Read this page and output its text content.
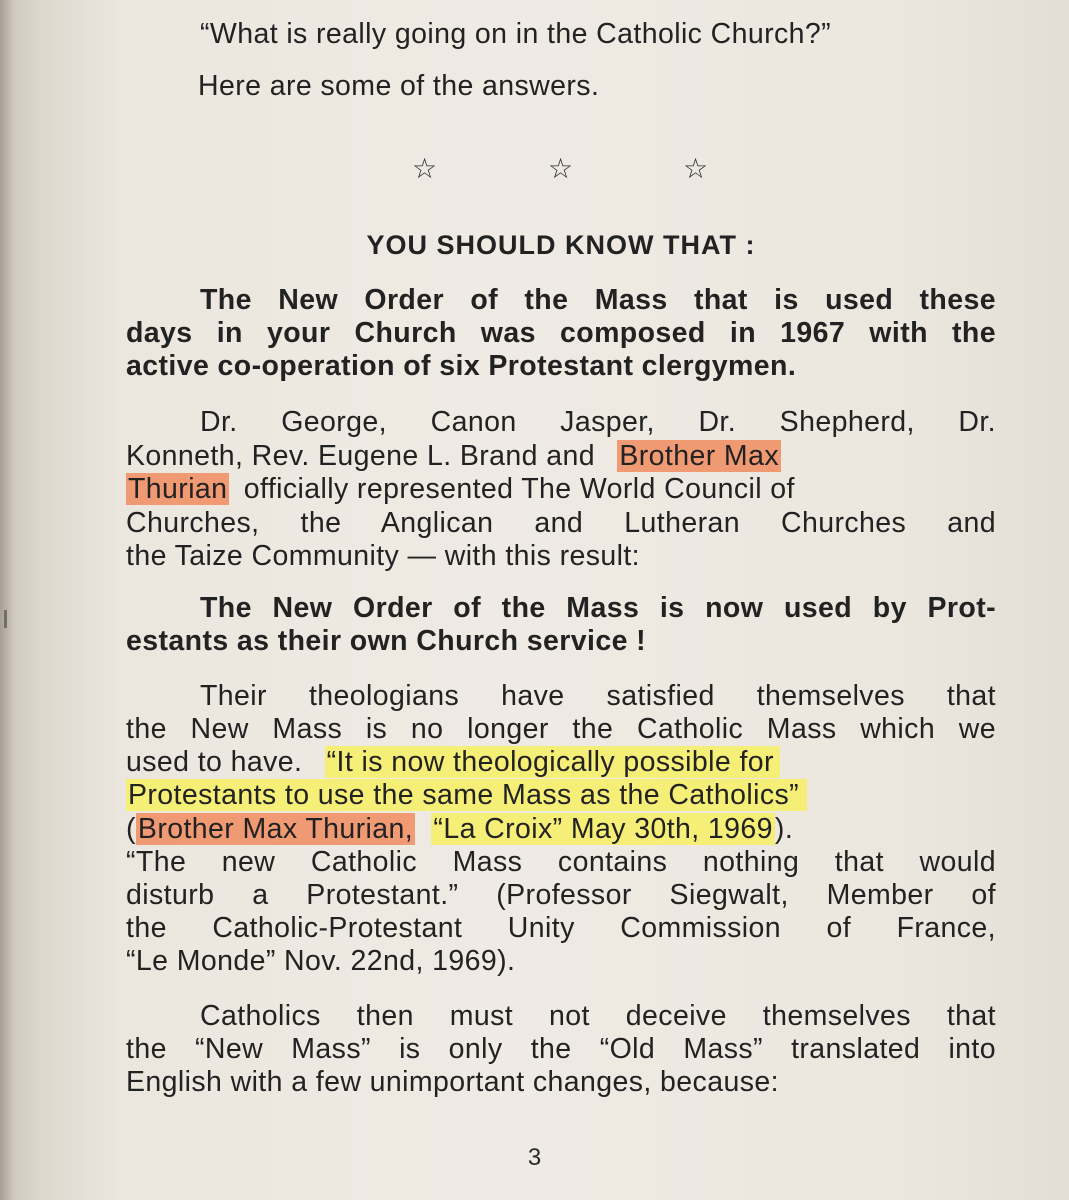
“What is really going on in the Catholic Church?”
Here are some of the answers.
☆	☆	☆
YOU SHOULD KNOW THAT :
The New Order of the Mass that is used these
days in your Church was composed in 1967 with the
active co-operation of six Protestant clergymen.
Dr. George, Canon Jasper, Dr. Shepherd, Dr.
Konneth, Rev. Eugene L. Brand and Brother Max
Thurian officially represented The World Council of
Churches, the Anglican and Lutheran Churches and
the Taize Community — with this result:
The New Order of the Mass is now used by Prot-
estants as their own Church service !
Their theologians have satisfied themselves that
the New Mass is no longer the Catholic Mass which we
used to have. “It is now theologically possible for
Protestants to use the same Mass as the Catholics”
(Brother Max Thurian, “La Croix” May 30th, 1969).
“The new Catholic Mass contains nothing that would
disturb a Protestant.” (Professor Siegwalt, Member of
the Catholic-Protestant Unity Commission of France,
“Le Monde” Nov. 22nd, 1969).
Catholics then must not deceive themselves that
the “New Mass” is only the “Old Mass” translated into
English with a few unimportant changes, because:
3
